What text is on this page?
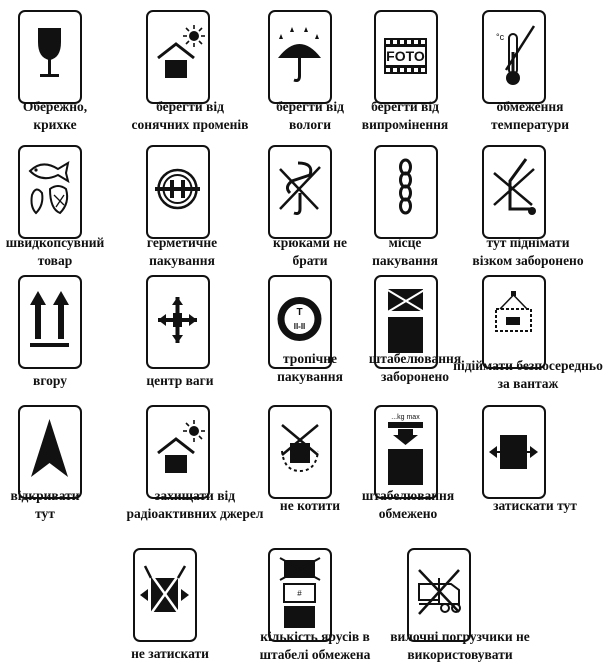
Обережно,
крихке
берегти від
сонячних променів
берегти від
вологи
FOTO
берегти від
випромінення
°c
обмеження
температури
швидкопсувний
товар
герметичне
пакування
крюками не
брати
місце
пакування
тут піднімати
візком заборонено
вгору	центр ваги
T
II-II
тропічне
пакування
штабелювання
заборонено
підіймати безпосередньо
за вантаж
відкривати
тут
захищати від
радіоактивних джерел
не котити
...kg max
штабелювання
обмежено
затискати тут
не затискати
#
кількість ярусів в
штабелі обмежена
вилочні погрузчики не
використовувати
